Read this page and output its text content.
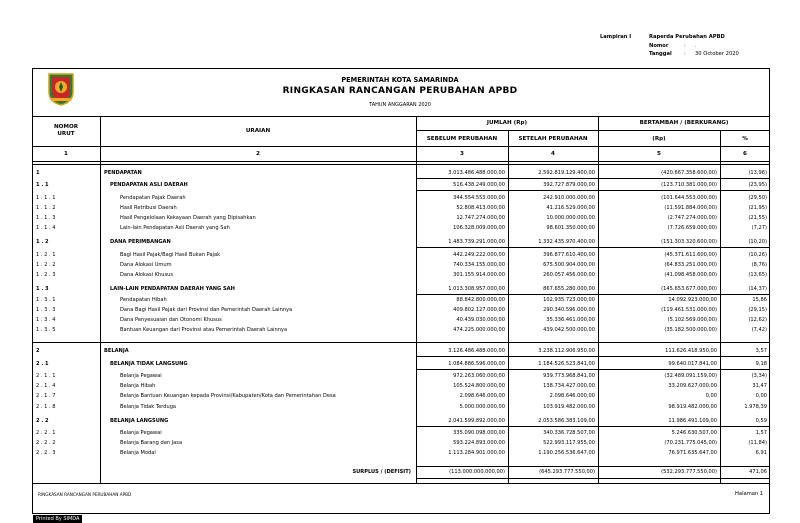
Lampiran I	Raperda Perubahan APBD
Nomor	:	.
Tanggal	:	30 October 2020
PEMERINTAH KOTA SAMARINDA
RINGKASAN RANCANGAN PERUBAHAN APBD
TAHUN ANGGARAN 2020
NOMOR
URUT	URAIAN
JUMLAH (Rp)	BERTAMBAH / (BERKURANG)
SEBELUM PERUBAHAN	SETELAH PERUBAHAN	(Rp)	%
1	2	3	4	5	6
1	PENDAPATAN	3.013.486.488.000,00	2.592.819.129.400,00	(420.667.358.600,00)	(13,96)
1 . 1	PENDAPATAN ASLI DAERAH	516.438.249.000,00	392.727.879.000,00	(123.710.381.000,00)	(23,95)
1 . 1 . 1	Pendapatan Pajak Daerah	344.554.553.000,00	242.910.000.000,00	(101.644.553.000,00)	(29,50)
1 . 1 . 2	Hasil Retribusi Daerah	52.808.413.000,00	41.216.529.000,00	(11.591.884.000,00)	(21,95)
1 . 1 . 3	Hasil Pengelolaan Kekayaan Daerah yang Dipisahkan	12.747.274.000,00	10.000.000.000,00	(2.747.274.000,00)	(21,55)
1 . 1 . 4	Lain-lain Pendapatan Asli Daerah yang Sah	106.328.009.000,00	98.601.350.000,00	(7.726.659.000,00)	(7,27)
1 . 2	DANA PERIMBANGAN	1.483.739.291.000,00	1.332.435.970.400,00	(151.303.320.600,00)	(10,20)
1 . 2 . 1	Bagi Hasil Pajak/Bagi Hasil Bukan Pajak	442.249.222.000,00	396.877.610.400,00	(45.371.611.600,00)	(10,26)
1 . 2 . 2	Dana Alokasi Umum	740.334.155.000,00	675.500.904.000,00	(64.833.251.000,00)	(8,76)
1 . 2 . 3	Dana Alokasi Khusus	301.155.914.000,00	260.057.456.000,00	(41.098.458.000,00)	(13,65)
1 . 3	LAIN-LAIN PENDAPATAN DAERAH YANG SAH	1.013.308.957.000,00	867.655.280.000,00	(145.653.677.000,00)	(14,37)
1 . 3 . 1	Pendapatan Hibah	88.842.800.000,00	102.935.723.000,00	14.092.923.000,00	15,86
1 . 3 . 3	Dana Bagi Hasil Pajak dari Provinsi dan Pemerintah Daerah Lainnya	409.802.127.000,00	290.340.596.000,00	(119.461.531.000,00)	(29,15)
1 . 3 . 4	Dana Penyesuaian dan Otonomi Khusus	40.439.030.000,00	35.336.461.000,00	(5.102.569.000,00)	(12,62)
1 . 3 . 5	Bantuan Keuangan dari Provinsi atau Pemerintah Daerah Lainnya	474.225.000.000,00	439.042.500.000,00	(35.182.500.000,00)	(7,42)
2	BELANJA	3.126.486.488.000,00	3.238.112.906.950,00	111.626.418.950,00	3,57
2 . 1	BELANJA TIDAK LANGSUNG	1.084.886.596.000,00	1.184.526.523.841,00	99.640.017.841,00	9,18
2 . 1 . 1	Belanja Pegawai	972.263.060.000,00	939.773.968.841,00	(32.489.091.159,00)	(3,34)
2 . 1 . 4	Belanja Hibah	105.524.800.000,00	138.734.427.000,00	33.209.627.000,00	31,47
2 . 1 . 7	Belanja Bantuan Keuangan kepada Provinsi/Kabupaten/Kota dan Pemerintahan Desa	2.098.646.000,00	2.098.646.000,00	0,00	0,00
2 . 1 . 8	Belanja Tidak Terduga	5.000.000.000,00	103.919.482.000,00	98.919.482.000,00	1.978,39
2 . 2	BELANJA LANGSUNG	2.041.599.892.000,00	2.053.586.383.109,00	11.986.491.109,00	0,59
2 . 2 . 1	Belanja Pegawai	335.090.098.000,00	340.336.728.507,00	5.246.630.507,00	1,57
2 . 2 . 2	Belanja Barang dan Jasa	593.224.893.000,00	522.993.117.955,00	(70.231.775.045,00)	(11,84)
2 . 2 . 3	Belanja Modal	1.113.284.901.000,00	1.190.256.536.647,00	76.971.635.647,00	6,91
SURPLUS / (DEFISIT)	(113.000.000.000,00)	(645.293.777.550,00)	(532.293.777.550,00)	471,06
RINGKASAN RANCANGAN PERUBAHAN APBD	Halaman 1
Printed By SIMDA
